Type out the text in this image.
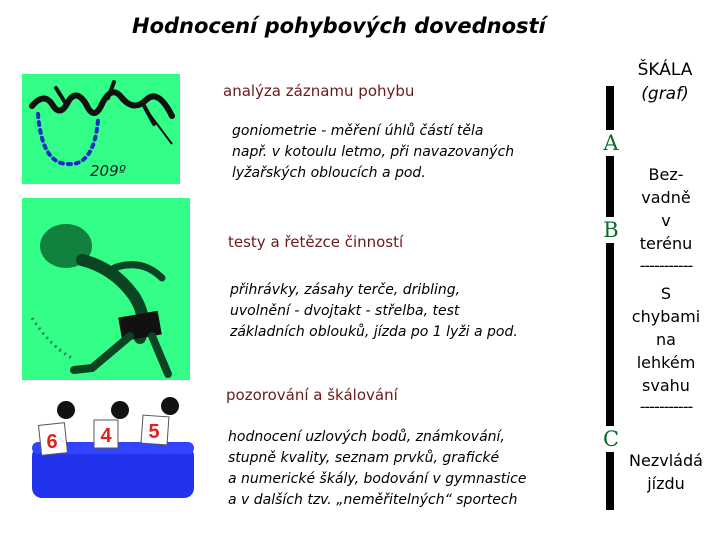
Hodnocení pohybových dovedností
209º
analýza záznamu pohybu
goniometrie - měření úhlů částí těla
např. v kotoulu letmo, při navazovaných
lyžařských obloucích a pod.
testy a řetězce činností
přihrávky, zásahy terče, dribling,
uvolnění - dvojtakt - střelba, test
základních oblouků, jízda po 1 lyži a pod.
6 4 5
pozorování a škálování
hodnocení uzlových bodů, známkování,
stupně kvality, seznam prvků, grafické
a numerické škály, bodování v gymnastice
a v dalších tzv. „neměřitelných“ sportech
ŠKÁLA
(graf)
A
B
C
Bez-
vadně
v
terénu
-----------
S
chybami
na
lehkém
svahu
-----------
Nezvládá
jízdu
